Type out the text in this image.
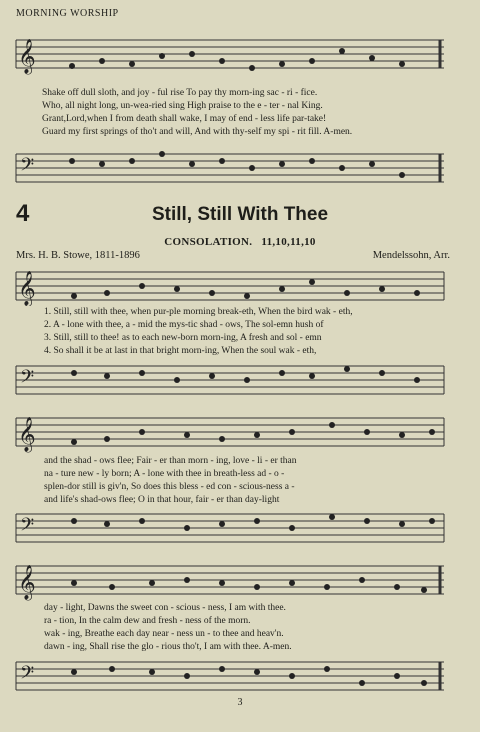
MORNING WORSHIP
𝄞
Shake off dull sloth, and joy - ful rise To pay thy morn-ing sac - ri - fice.
Who, all night long, un-wea-ried sing High praise to the e - ter - nal King.
Grant,Lord,when I from death shall wake, I may of end - less life par-take!
Guard my first springs of tho't and will, And with thy-self my spi - rit fill. A-men.
𝄢
4	Still, Still With Thee
CONSOLATION. 11,10,11,10
Mrs. H. B. Stowe, 1811-1896	Mendelssohn, Arr.
𝄞
1. Still, still with thee, when pur-ple morning break-eth, When the bird wak - eth,
2. A - lone with thee, a - mid the mys-tic shad - ows, The sol-emn hush of
3. Still, still to thee! as to each new-born morn-ing, A fresh and sol - emn
4. So shall it be at last in that bright morn-ing, When the soul wak - eth,
𝄢
𝄞
and the shad - ows flee; Fair - er than morn - ing, love - li - er than
na - ture new - ly born; A - lone with thee in breath-less ad - o -
splen-dor still is giv'n, So does this bless - ed con - scious-ness a -
and life's shad-ows flee; O in that hour, fair - er than day-light
𝄢
𝄞
day - light, Dawns the sweet con - scious - ness, I am with thee.
ra - tion, In the calm dew and fresh - ness of the morn.
wak - ing, Breathe each day near - ness un - to thee and heav'n.
dawn - ing, Shall rise the glo - rious tho't, I am with thee. A-men.
𝄢
3
